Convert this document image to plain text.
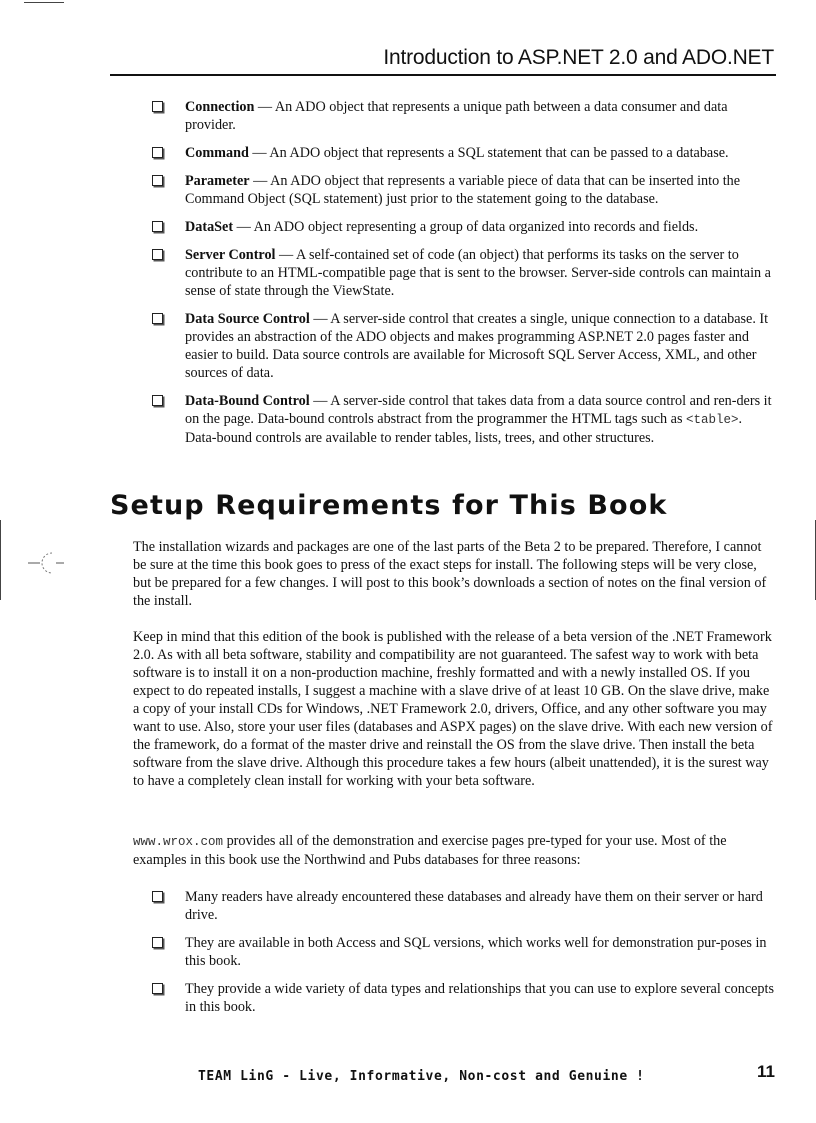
Introduction to ASP.NET 2.0 and ADO.NET
Connection — An ADO object that represents a unique path between a data consumer and data provider.
Command — An ADO object that represents a SQL statement that can be passed to a database.
Parameter — An ADO object that represents a variable piece of data that can be inserted into the Command Object (SQL statement) just prior to the statement going to the database.
DataSet — An ADO object representing a group of data organized into records and fields.
Server Control — A self-contained set of code (an object) that performs its tasks on the server to contribute to an HTML-compatible page that is sent to the browser. Server-side controls can maintain a sense of state through the ViewState.
Data Source Control — A server-side control that creates a single, unique connection to a database. It provides an abstraction of the ADO objects and makes programming ASP.NET 2.0 pages faster and easier to build. Data source controls are available for Microsoft SQL Server Access, XML, and other sources of data.
Data-Bound Control — A server-side control that takes data from a data source control and ren-ders it on the page. Data-bound controls abstract from the programmer the HTML tags such as <table>. Data-bound controls are available to render tables, lists, trees, and other structures.
Setup Requirements for This Book

The installation wizards and packages are one of the last parts of the Beta 2 to be prepared. Therefore, I cannot be sure at the time this book goes to press of the exact steps for install. The following steps will be very close, but be prepared for a few changes. I will post to this book’s downloads a section of notes on the final version of the install.

Keep in mind that this edition of the book is published with the release of a beta version of the .NET Framework 2.0. As with all beta software, stability and compatibility are not guaranteed. The safest way to work with beta software is to install it on a non-production machine, freshly formatted and with a newly installed OS. If you expect to do repeated installs, I suggest a machine with a slave drive of at least 10 GB. On the slave drive, make a copy of your install CDs for Windows, .NET Framework 2.0, drivers, Office, and any other software you may want to use. Also, store your user files (databases and ASPX pages) on the slave drive. With each new version of the framework, do a format of the master drive and reinstall the OS from the slave drive. Then install the beta software from the slave drive. Although this procedure takes a few hours (albeit unattended), it is the surest way to have a completely clean install for working with your beta software.

www.wrox.com provides all of the demonstration and exercise pages pre-typed for your use. Most of the examples in this book use the Northwind and Pubs databases for three reasons:

Many readers have already encountered these databases and already have them on their server or hard drive.
They are available in both Access and SQL versions, which works well for demonstration pur-poses in this book.
They provide a wide variety of data types and relationships that you can use to explore several concepts in this book.
TEAM LinG - Live, Informative, Non-cost and Genuine !	11
